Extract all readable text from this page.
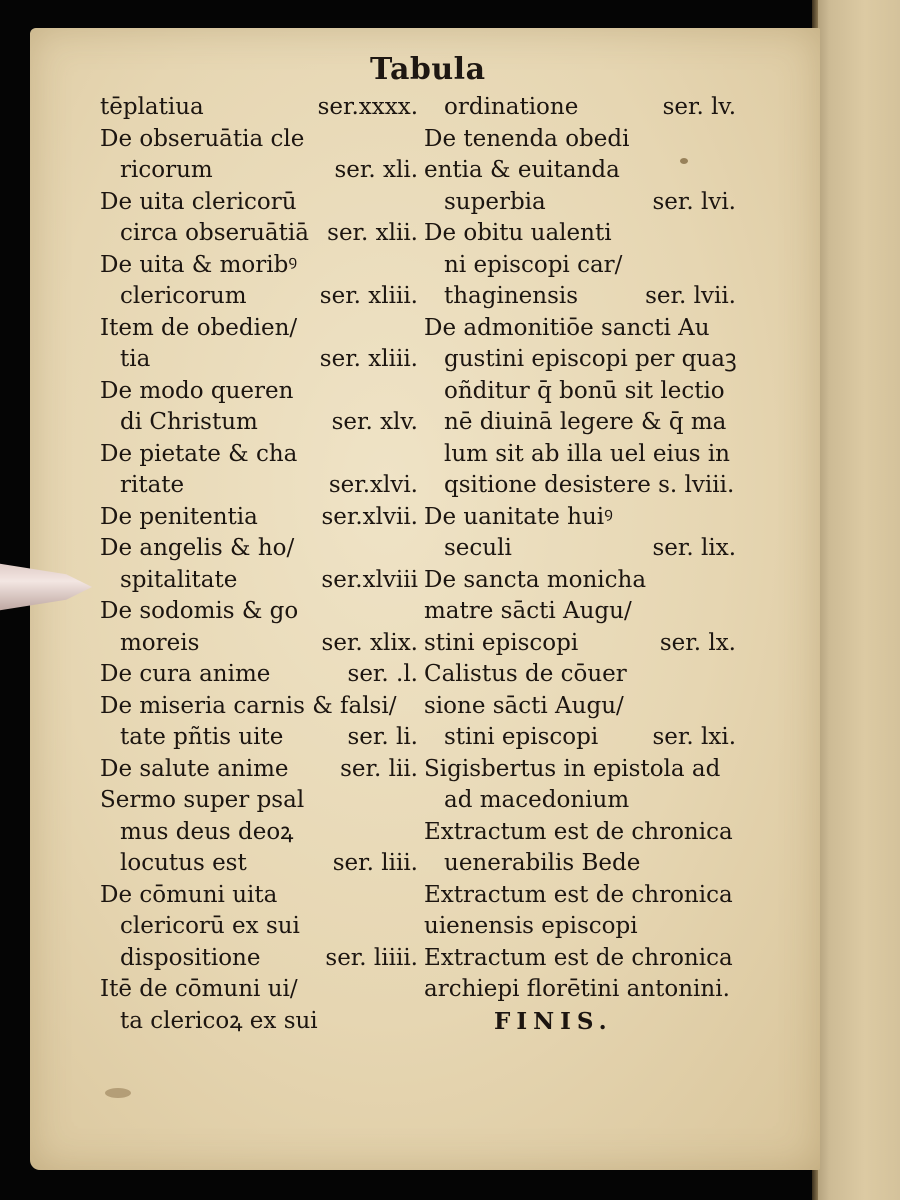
Tabula
tēplatiua	ser.xxxx.
De obseruātia cle
ricorum	ser. xli.
De uita clericorū
circa obseruātiā ser. xlii.
De uita & moribꝰ
clericorum	ser. xliii.
Item de obedien/
tia	ser. xliii.
De modo queren
di Christum	ser. xlv.
De pietate & cha
ritate	ser.xlvi.
De penitentia	ser.xlvii.
De angelis & ho/
spitalitate	ser.xlviii
De sodomis & go
moreis	ser. xlix.
De cura anime	ser. .l.
De miseria carnis & falsi/
tate pñtis uite	ser. li.
De salute anime ser. lii.
Sermo super psal
mus deus deoꝝ
locutus est	ser. liii.
De cōmuni uita
clericorū ex sui
dispositione	ser. liiii.
Itē de cōmuni ui/
ta clericoꝝ ex sui
ordinatione	ser. lv.
De tenenda obedi
entia & euitanda
superbia	ser. lvi.
De obitu ualenti
ni episcopi car/
thaginensis	ser. lvii.
De admonitiōe sancti Au
gustini episcopi per quaꝫ
oñditur q̄ bonū sit lectio
nē diuinā legere & q̄ ma
lum sit ab illa uel eius in
qsitione desistere s. lviii.
De uanitate huiꝰ
seculi	ser. lix.
De sancta monicha
matre sācti Augu/
stini episcopi	ser. lx.
Calistus de cōuer
sione sācti Augu/
stini episcopi ser. lxi.
Sigisbertus in epistola ad
ad macedonium
Extractum est de chronica
uenerabilis Bede
Extractum est de chronica
uienensis episcopi
Extractum est de chronica
archiepi florētini antonini.
FINIS.
